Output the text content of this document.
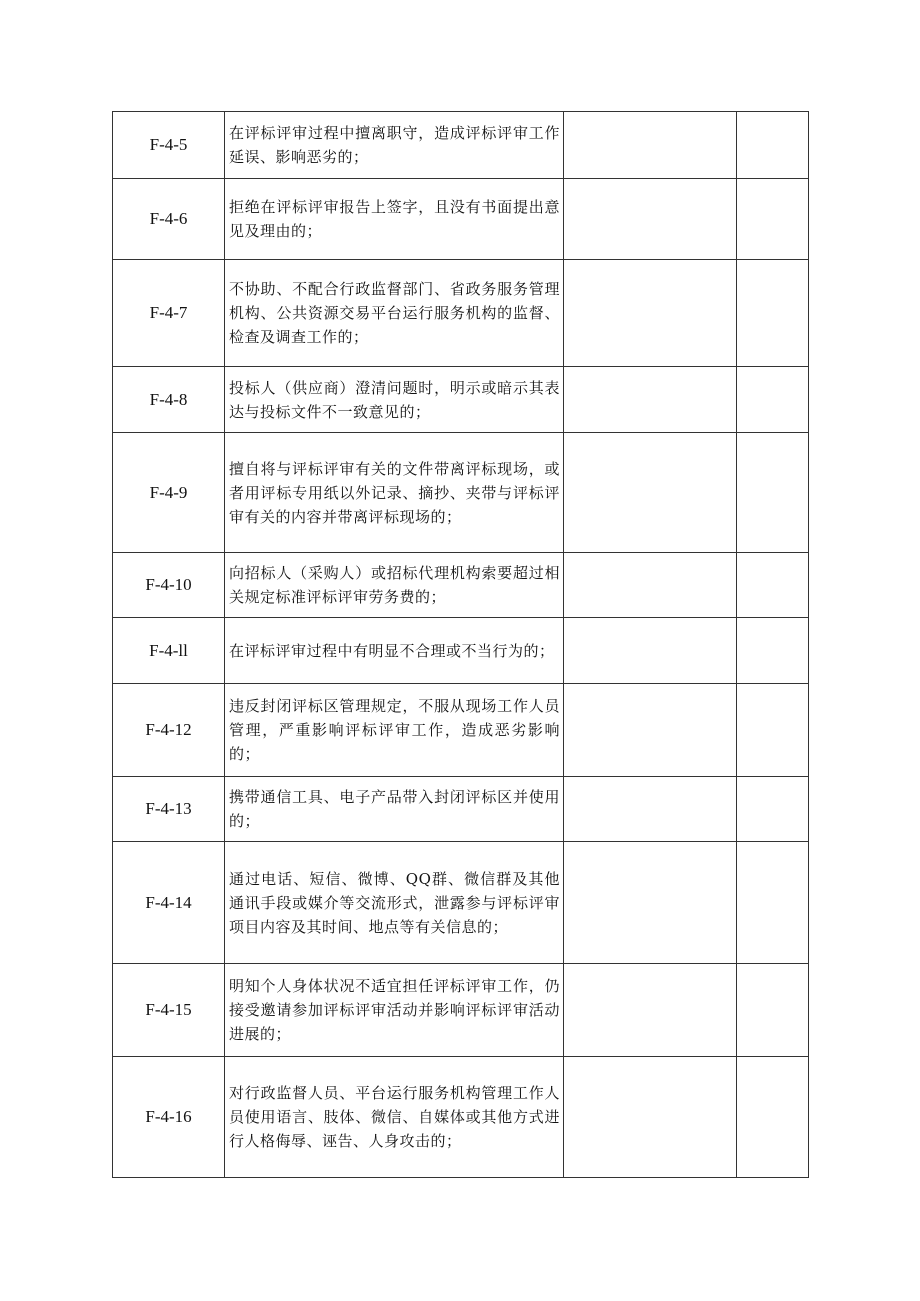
F-4-5	在评标评审过程中擅离职守，造成评标评审工作延误、影响恶劣的；		
F-4-6	拒绝在评标评审报告上签字，且没有书面提出意见及理由的；		
F-4-7	不协助、不配合行政监督部门、省政务服务管理机构、公共资源交易平台运行服务机构的监督、检查及调查工作的；		
F-4-8	投标人（供应商）澄清问题时，明示或暗示其表达与投标文件不一致意见的；		
F-4-9	擅自将与评标评审有关的文件带离评标现场，或者用评标专用纸以外记录、摘抄、夹带与评标评审有关的内容并带离评标现场的；		
F-4-10	向招标人（采购人）或招标代理机构索要超过相关规定标准评标评审劳务费的；		
F-4-ll	在评标评审过程中有明显不合理或不当行为的；		
F-4-12	违反封闭评标区管理规定，不服从现场工作人员管理，严重影响评标评审工作，造成恶劣影响的；		
F-4-13	携带通信工具、电子产品带入封闭评标区并使用的；		
F-4-14	通过电话、短信、微博、QQ群、微信群及其他通讯手段或媒介等交流形式，泄露参与评标评审项目内容及其时间、地点等有关信息的；		
F-4-15	明知个人身体状况不适宜担任评标评审工作，仍接受邀请参加评标评审活动并影响评标评审活动进展的；		
F-4-16	对行政监督人员、平台运行服务机构管理工作人员使用语言、肢体、微信、自媒体或其他方式进行人格侮辱、诬告、人身攻击的；		
